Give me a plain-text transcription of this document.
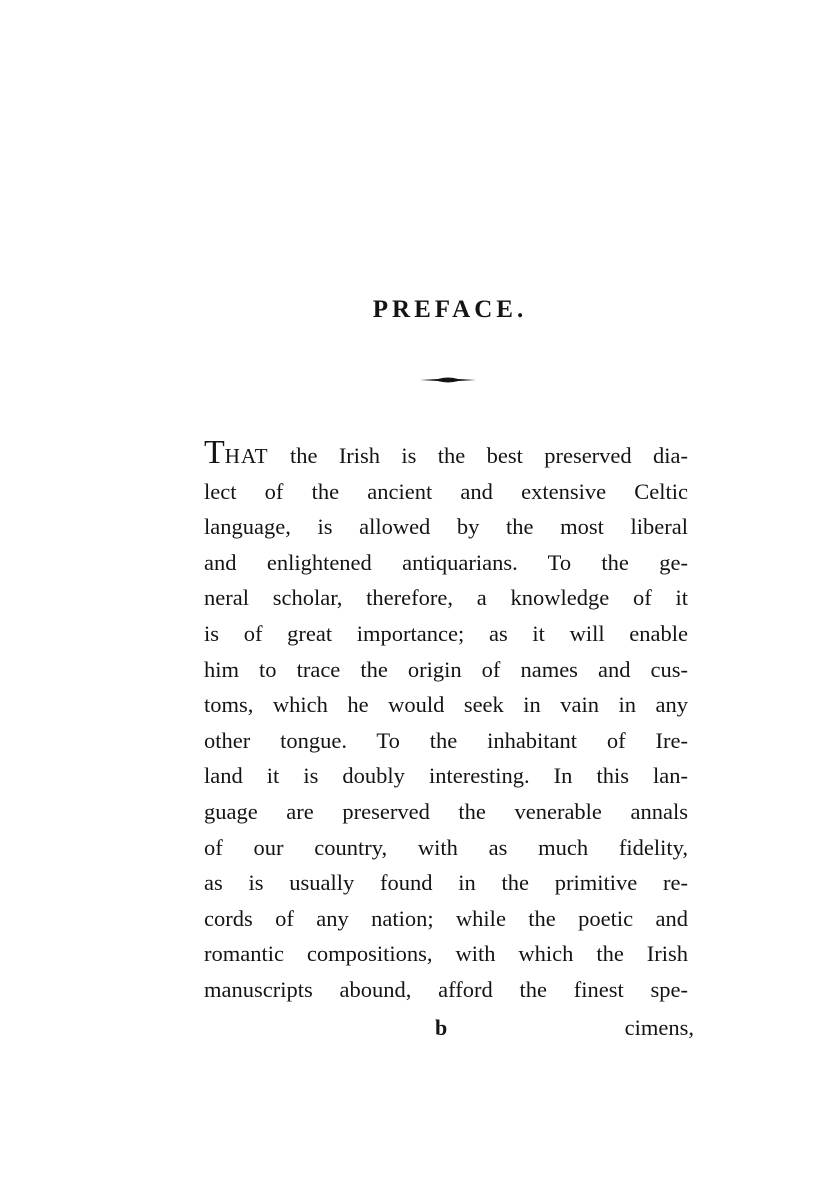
PREFACE.
THAT the Irish is the best preserved dia-
lect of the ancient and extensive Celtic
language, is allowed by the most liberal
and enlightened antiquarians. To the ge-
neral scholar, therefore, a knowledge of it
is of great importance; as it will enable
him to trace the origin of names and cus-
toms, which he would seek in vain in any
other tongue. To the inhabitant of Ire-
land it is doubly interesting. In this lan-
guage are preserved the venerable annals
of our country, with as much fidelity,
as is usually found in the primitive re-
cords of any nation; while the poetic and
romantic compositions, with which the Irish
manuscripts abound, afford the finest spe-
b	cimens,
